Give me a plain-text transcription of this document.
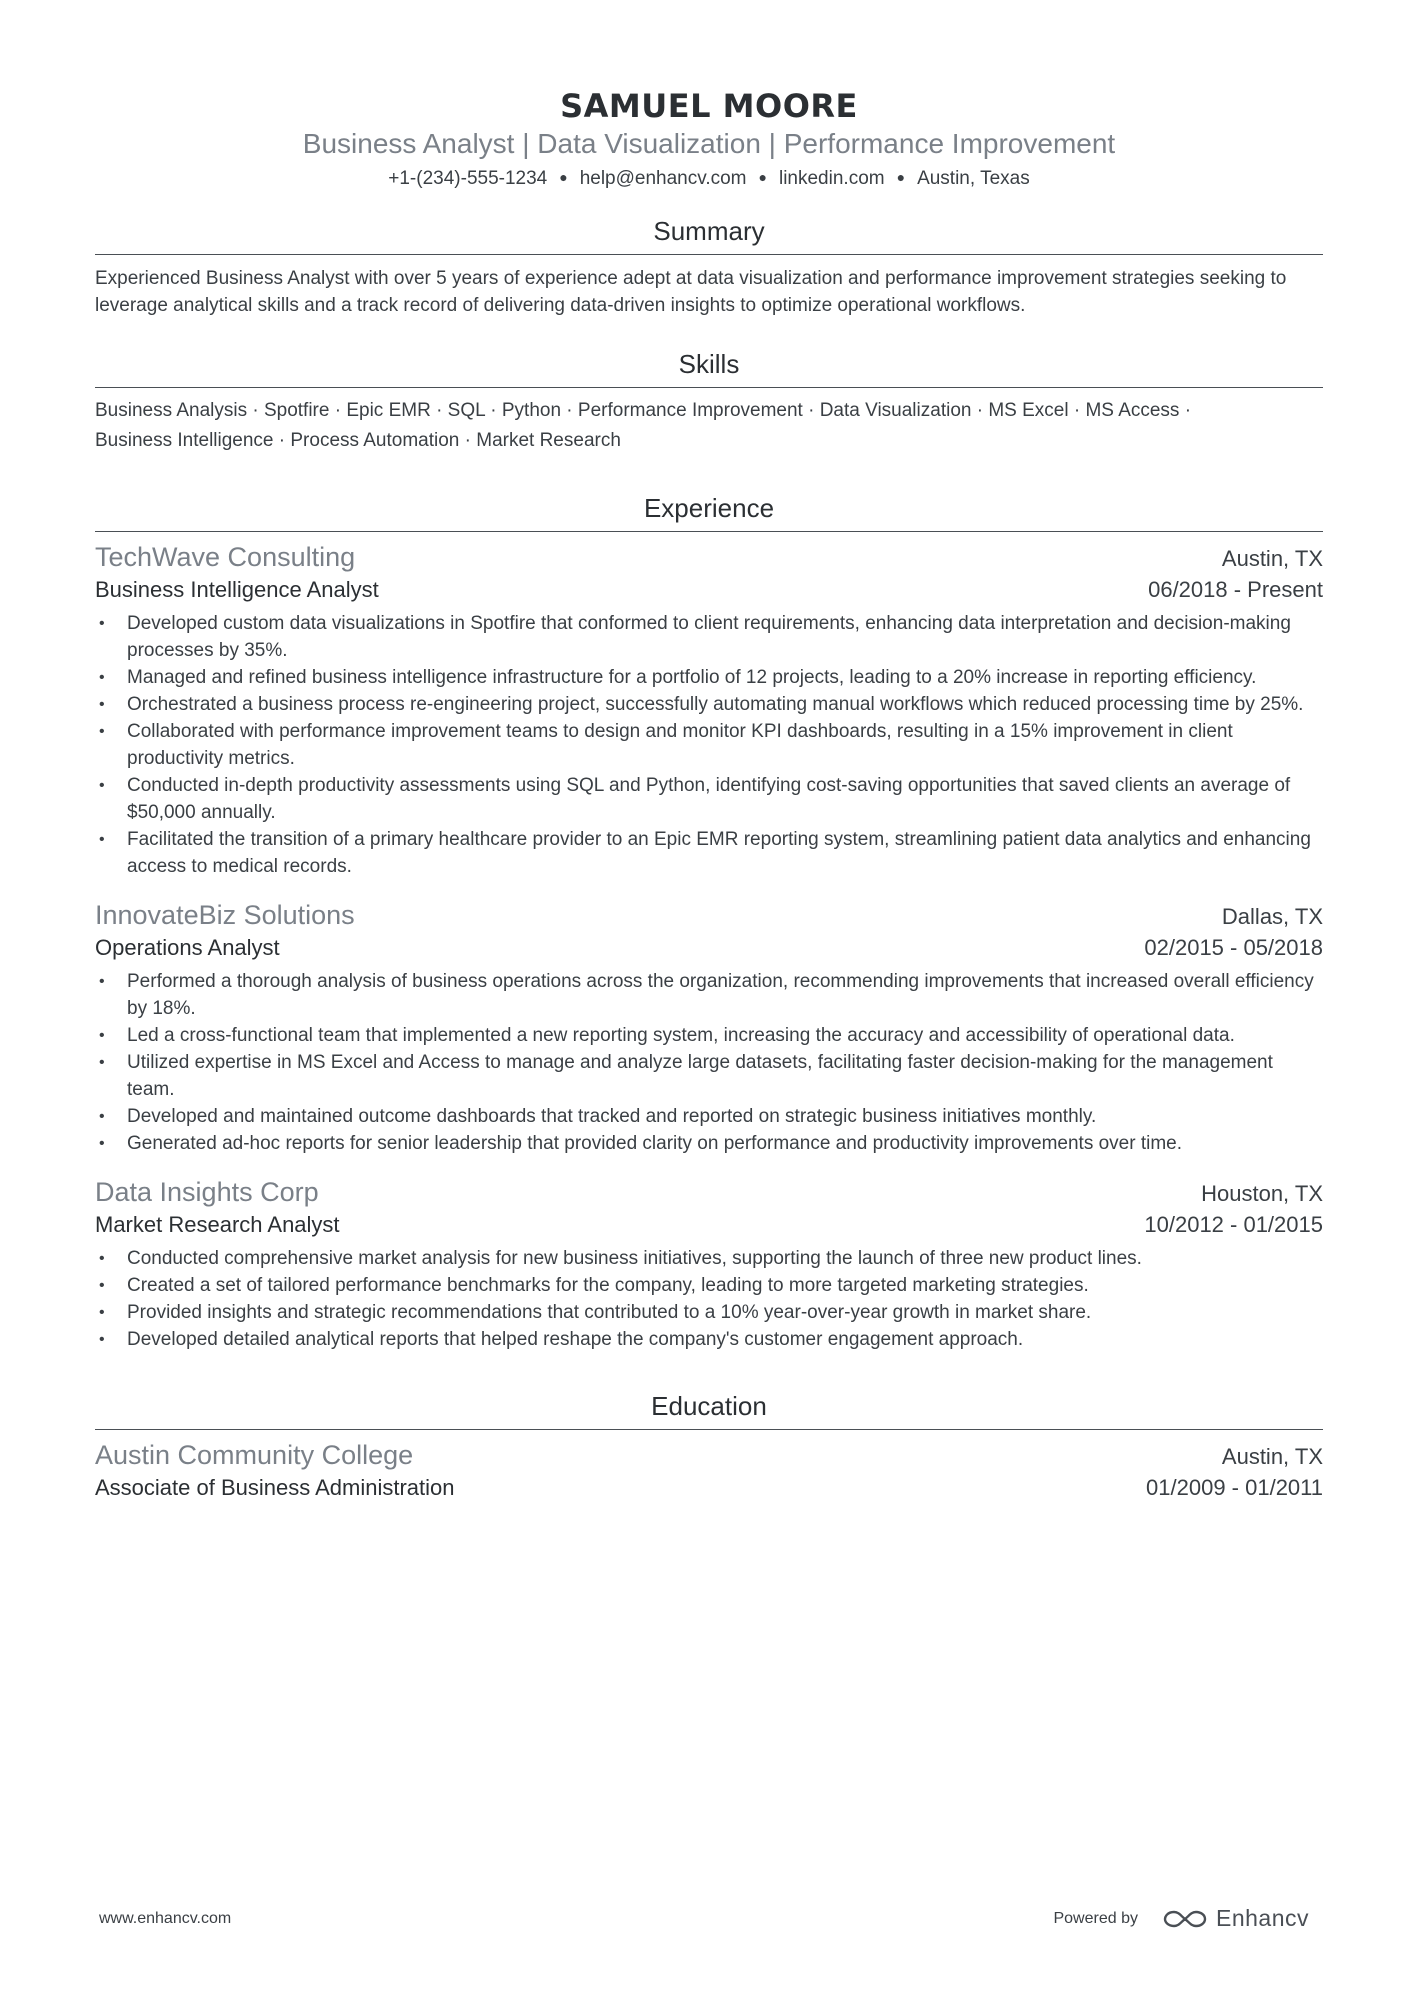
SAMUEL MOORE
Business Analyst | Data Visualization | Performance Improvement
+1-(234)-555-1234 ● help@enhancv.com ● linkedin.com ● Austin, Texas
Summary
Experienced Business Analyst with over 5 years of experience adept at data visualization and performance improvement strategies seeking to leverage analytical skills and a track record of delivering data-driven insights to optimize operational workflows.
Skills
Business Analysis · Spotfire · Epic EMR · SQL · Python · Performance Improvement · Data Visualization · MS Excel · MS Access ·
Business Intelligence · Process Automation · Market Research
Experience
TechWave Consulting	Austin, TX
Business Intelligence Analyst	06/2018 - Present
• Developed custom data visualizations in Spotfire that conformed to client requirements, enhancing data interpretation and decision-making processes by 35%.
• Managed and refined business intelligence infrastructure for a portfolio of 12 projects, leading to a 20% increase in reporting efficiency.
• Orchestrated a business process re-engineering project, successfully automating manual workflows which reduced processing time by 25%.
• Collaborated with performance improvement teams to design and monitor KPI dashboards, resulting in a 15% improvement in client productivity metrics.
• Conducted in-depth productivity assessments using SQL and Python, identifying cost-saving opportunities that saved clients an average of $50,000 annually.
• Facilitated the transition of a primary healthcare provider to an Epic EMR reporting system, streamlining patient data analytics and enhancing access to medical records.
InnovateBiz Solutions	Dallas, TX
Operations Analyst	02/2015 - 05/2018
• Performed a thorough analysis of business operations across the organization, recommending improvements that increased overall efficiency by 18%.
• Led a cross-functional team that implemented a new reporting system, increasing the accuracy and accessibility of operational data.
• Utilized expertise in MS Excel and Access to manage and analyze large datasets, facilitating faster decision-making for the management team.
• Developed and maintained outcome dashboards that tracked and reported on strategic business initiatives monthly.
• Generated ad-hoc reports for senior leadership that provided clarity on performance and productivity improvements over time.
Data Insights Corp	Houston, TX
Market Research Analyst	10/2012 - 01/2015
• Conducted comprehensive market analysis for new business initiatives, supporting the launch of three new product lines.
• Created a set of tailored performance benchmarks for the company, leading to more targeted marketing strategies.
• Provided insights and strategic recommendations that contributed to a 10% year-over-year growth in market share.
• Developed detailed analytical reports that helped reshape the company's customer engagement approach.
Education
Austin Community College	Austin, TX
Associate of Business Administration	01/2009 - 01/2011
www.enhancv.com	Powered by	Enhancv
